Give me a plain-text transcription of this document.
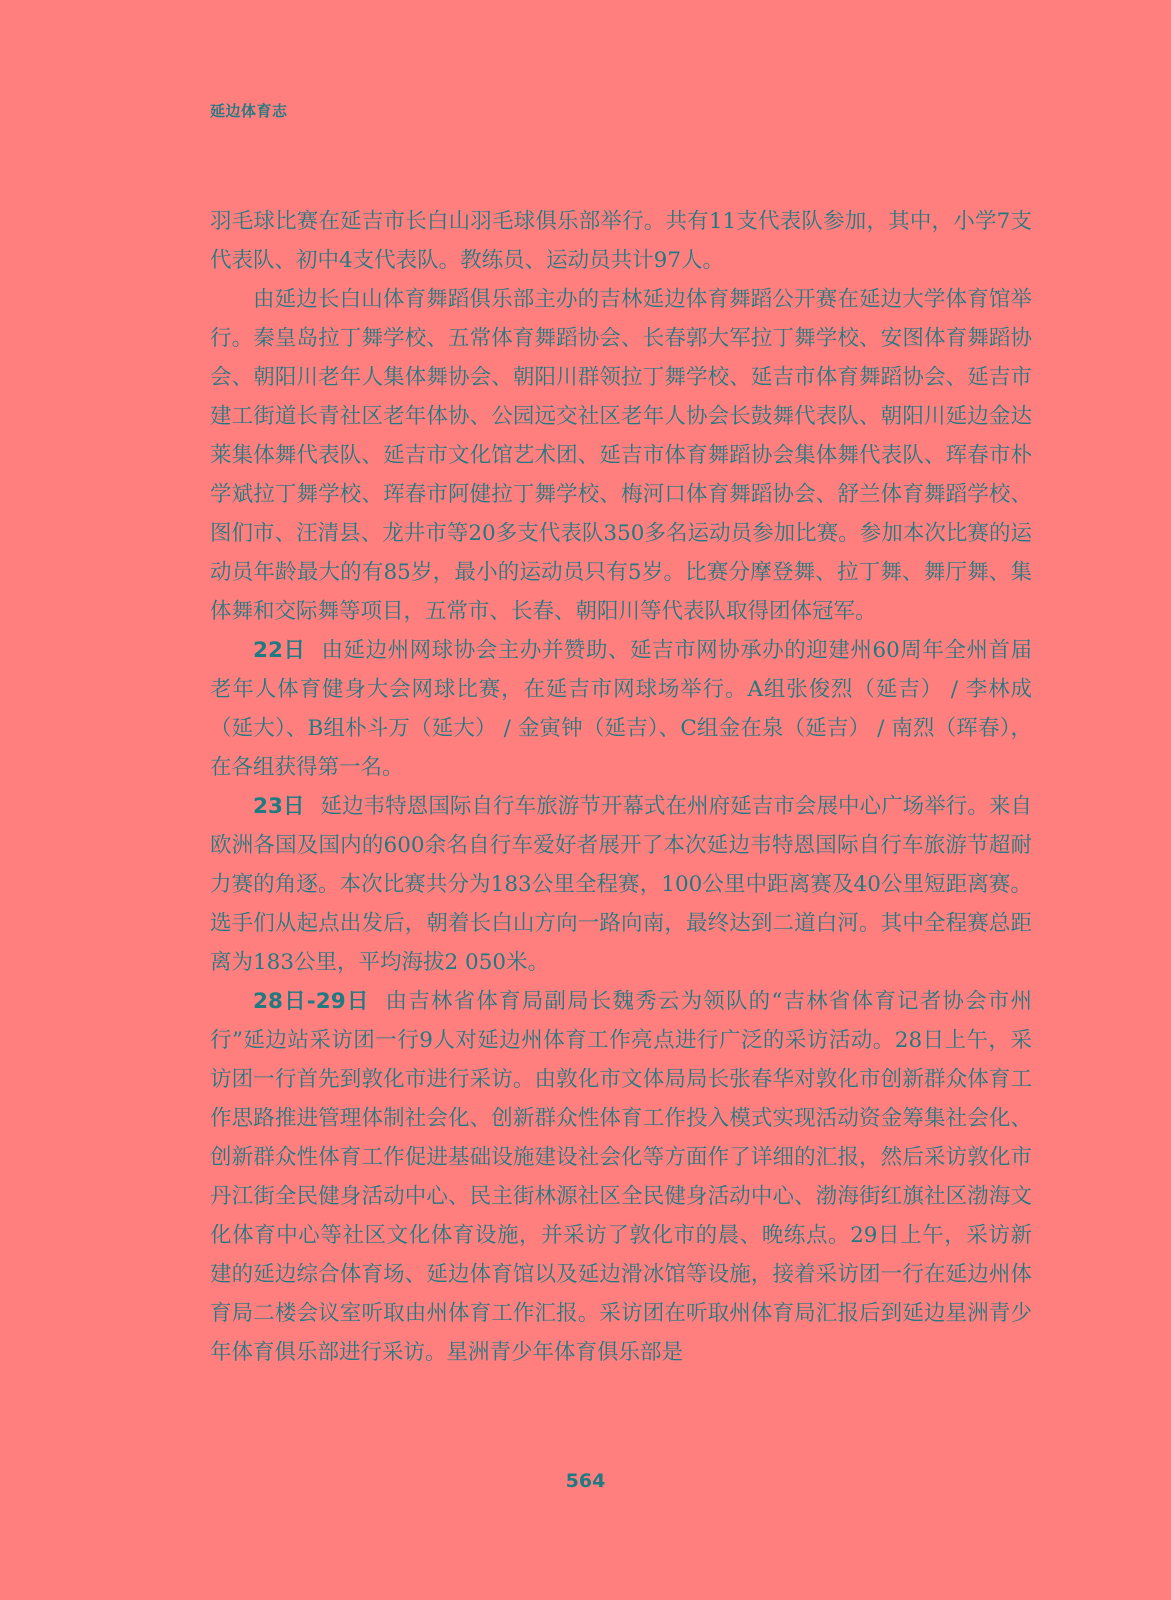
延边体育志

羽毛球比赛在延吉市长白山羽毛球俱乐部举行。共有11支代表队参加，其中，小学7支代表队、初中4支代表队。教练员、运动员共计97人。

由延边长白山体育舞蹈俱乐部主办的吉林延边体育舞蹈公开赛在延边大学体育馆举行。秦皇岛拉丁舞学校、五常体育舞蹈协会、长春郭大军拉丁舞学校、安图体育舞蹈协会、朝阳川老年人集体舞协会、朝阳川群领拉丁舞学校、延吉市体育舞蹈协会、延吉市建工街道长青社区老年体协、公园远交社区老年人协会长鼓舞代表队、朝阳川延边金达莱集体舞代表队、延吉市文化馆艺术团、延吉市体育舞蹈协会集体舞代表队、珲春市朴学斌拉丁舞学校、珲春市阿健拉丁舞学校、梅河口体育舞蹈协会、舒兰体育舞蹈学校、图们市、汪清县、龙井市等20多支代表队350多名运动员参加比赛。参加本次比赛的运动员年龄最大的有85岁，最小的运动员只有5岁。比赛分摩登舞、拉丁舞、舞厅舞、集体舞和交际舞等项目，五常市、长春、朝阳川等代表队取得团体冠军。

22日 由延边州网球协会主办并赞助、延吉市网协承办的迎建州60周年全州首届老年人体育健身大会网球比赛，在延吉市网球场举行。A组张俊烈（延吉） / 李林成（延大）、B组朴斗万（延大） / 金寅钟（延吉）、C组金在泉（延吉） / 南烈（珲春），在各组获得第一名。

23日 延边韦特恩国际自行车旅游节开幕式在州府延吉市会展中心广场举行。来自欧洲各国及国内的600余名自行车爱好者展开了本次延边韦特恩国际自行车旅游节超耐力赛的角逐。本次比赛共分为183公里全程赛，100公里中距离赛及40公里短距离赛。选手们从起点出发后，朝着长白山方向一路向南，最终达到二道白河。其中全程赛总距离为183公里，平均海拔2 050米。

28日-29日 由吉林省体育局副局长魏秀云为领队的“吉林省体育记者协会市州行”延边站采访团一行9人对延边州体育工作亮点进行广泛的采访活动。28日上午，采访团一行首先到敦化市进行采访。由敦化市文体局局长张春华对敦化市创新群众体育工作思路推进管理体制社会化、创新群众性体育工作投入模式实现活动资金筹集社会化、创新群众性体育工作促进基础设施建设社会化等方面作了详细的汇报，然后采访敦化市丹江街全民健身活动中心、民主街林源社区全民健身活动中心、渤海街红旗社区渤海文化体育中心等社区文化体育设施，并采访了敦化市的晨、晚练点。29日上午，采访新建的延边综合体育场、延边体育馆以及延边滑冰馆等设施，接着采访团一行在延边州体育局二楼会议室听取由州体育工作汇报。采访团在听取州体育局汇报后到延边星洲青少年体育俱乐部进行采访。星洲青少年体育俱乐部是

564
